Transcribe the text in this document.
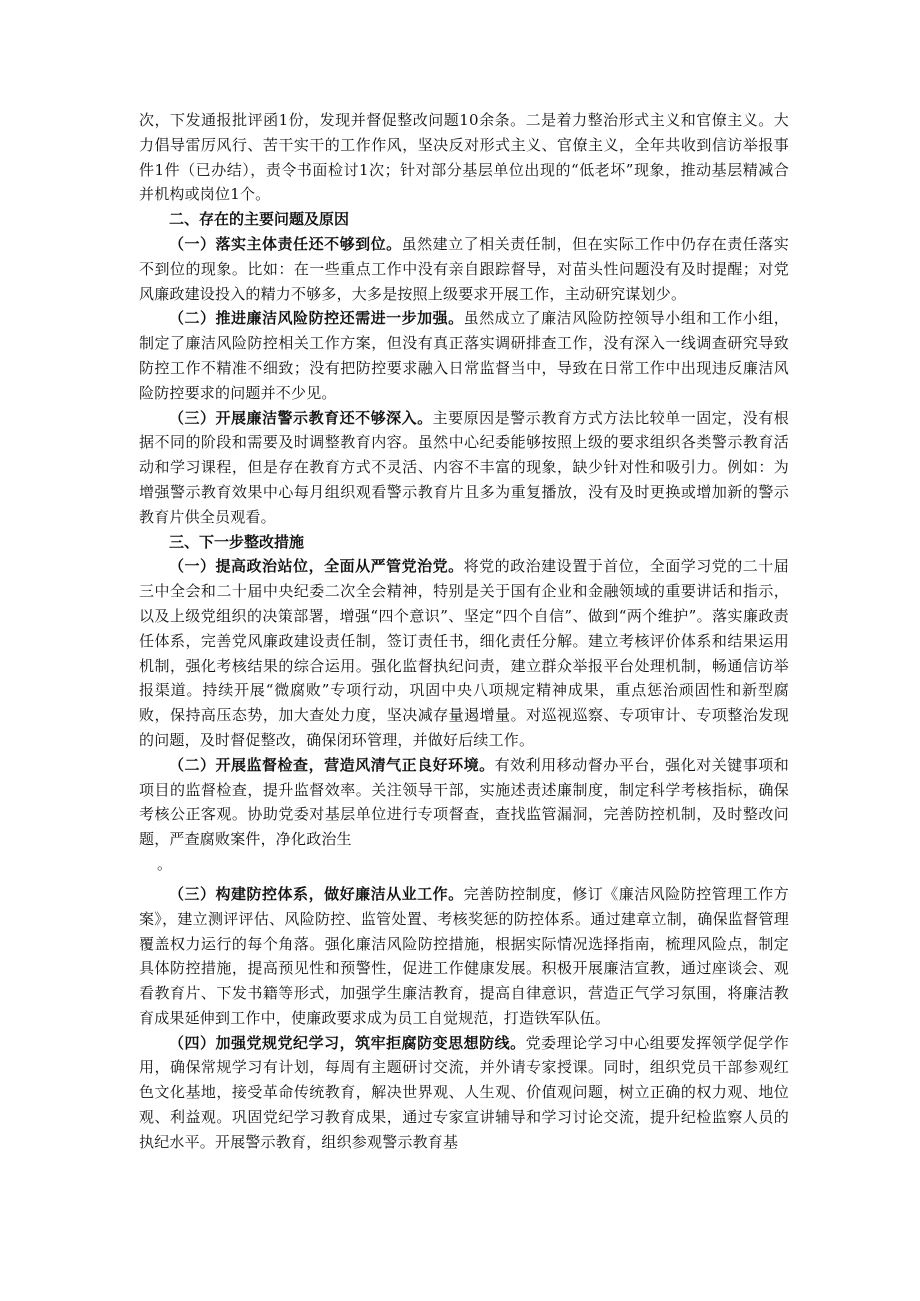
次，下发通报批评函1份，发现并督促整改问题10余条。二是着力整治形式主义和官僚主义。大力倡导雷厉风行、苦干实干的工作作风，坚决反对形式主义、官僚主义，全年共收到信访举报事件1件（已办结），责令书面检讨1次；针对部分基层单位出现的“低老坏”现象，推动基层精减合并机构或岗位1个。

二、存在的主要问题及原因

（一）落实主体责任还不够到位。虽然建立了相关责任制，但在实际工作中仍存在责任落实不到位的现象。比如：在一些重点工作中没有亲自跟踪督导，对苗头性问题没有及时提醒；对党风廉政建设投入的精力不够多，大多是按照上级要求开展工作，主动研究谋划少。

（二）推进廉洁风险防控还需进一步加强。虽然成立了廉洁风险防控领导小组和工作小组，制定了廉洁风险防控相关工作方案，但没有真正落实调研排查工作，没有深入一线调查研究导致防控工作不精准不细致；没有把防控要求融入日常监督当中，导致在日常工作中出现违反廉洁风险防控要求的问题并不少见。

（三）开展廉洁警示教育还不够深入。主要原因是警示教育方式方法比较单一固定，没有根据不同的阶段和需要及时调整教育内容。虽然中心纪委能够按照上级的要求组织各类警示教育活动和学习课程，但是存在教育方式不灵活、内容不丰富的现象，缺少针对性和吸引力。例如：为增强警示教育效果中心每月组织观看警示教育片且多为重复播放，没有及时更换或增加新的警示教育片供全员观看。

三、下一步整改措施

（一）提高政治站位，全面从严管党治党。将党的政治建设置于首位，全面学习党的二十届三中全会和二十届中央纪委二次全会精神，特别是关于国有企业和金融领域的重要讲话和指示，以及上级党组织的决策部署，增强“四个意识”、坚定“四个自信”、做到“两个维护”。落实廉政责任体系，完善党风廉政建设责任制，签订责任书，细化责任分解。建立考核评价体系和结果运用机制，强化考核结果的综合运用。强化监督执纪问责，建立群众举报平台处理机制，畅通信访举报渠道。持续开展“微腐败”专项行动，巩固中央八项规定精神成果，重点惩治顽固性和新型腐败，保持高压态势，加大查处力度，坚决减存量遏增量。对巡视巡察、专项审计、专项整治发现的问题，及时督促整改，确保闭环管理，并做好后续工作。

（二）开展监督检查，营造风清气正良好环境。有效利用移动督办平台，强化对关键事项和项目的监督检查，提升监督效率。关注领导干部，实施述责述廉制度，制定科学考核指标，确保考核公正客观。协助党委对基层单位进行专项督查，查找监管漏洞，完善防控机制，及时整改问题，严查腐败案件，净化政治生

。

（三）构建防控体系，做好廉洁从业工作。完善防控制度，修订《廉洁风险防控管理工作方案》，建立测评评估、风险防控、监管处置、考核奖惩的防控体系。通过建章立制，确保监督管理覆盖权力运行的每个角落。强化廉洁风险防控措施，根据实际情况选择指南，梳理风险点，制定具体防控措施，提高预见性和预警性，促进工作健康发展。积极开展廉洁宣教，通过座谈会、观看教育片、下发书籍等形式，加强学生廉洁教育，提高自律意识，营造正气学习氛围，将廉洁教育成果延伸到工作中，使廉政要求成为员工自觉规范，打造铁军队伍。

（四）加强党规党纪学习，筑牢拒腐防变思想防线。党委理论学习中心组要发挥领学促学作用，确保常规学习有计划，每周有主题研讨交流，并外请专家授课。同时，组织党员干部参观红色文化基地，接受革命传统教育，解决世界观、人生观、价值观问题，树立正确的权力观、地位观、利益观。巩固党纪学习教育成果，通过专家宣讲辅导和学习讨论交流，提升纪检监察人员的执纪水平。开展警示教育，组织参观警示教育基
